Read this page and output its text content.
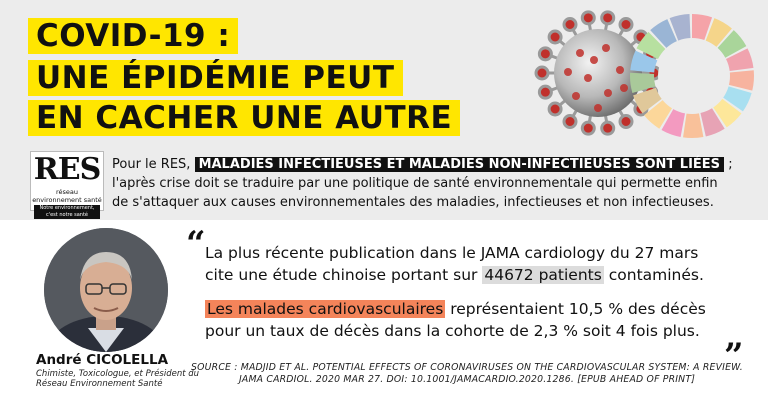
COVID-19 :
UNE ÉPIDÉMIE PEUT
EN CACHER UNE AUTRE
RES
réseau environnement santé
Notre environnement, c'est notre santé
Pour le RES, MALADIES INFECTIEUSES ET MALADIES NON-INFECTIEUSES SONT LIÉES ;
l'après crise doit se traduire par une politique de santé environnementale qui permette enfin
de s'attaquer aux causes environnementales des maladies, infectieuses et non infectieuses.
André CICOLELLA
Chimiste, Toxicologue, et Président du Réseau Environnement Santé
“ La plus récente publication dans le JAMA cardiology du 27 mars
cite une étude chinoise portant sur 44672 patients contaminés.
Les malades cardiovasculaires représentaient 10,5 % des décès
pour un taux de décès dans la cohorte de 2,3 % soit 4 fois plus.
”
SOURCE : MADJID ET AL. POTENTIAL EFFECTS OF CORONAVIRUSES ON THE CARDIOVASCULAR SYSTEM: A REVIEW.
JAMA CARDIOL. 2020 MAR 27. DOI: 10.1001/JAMACARDIO.2020.1286. [EPUB AHEAD OF PRINT]
